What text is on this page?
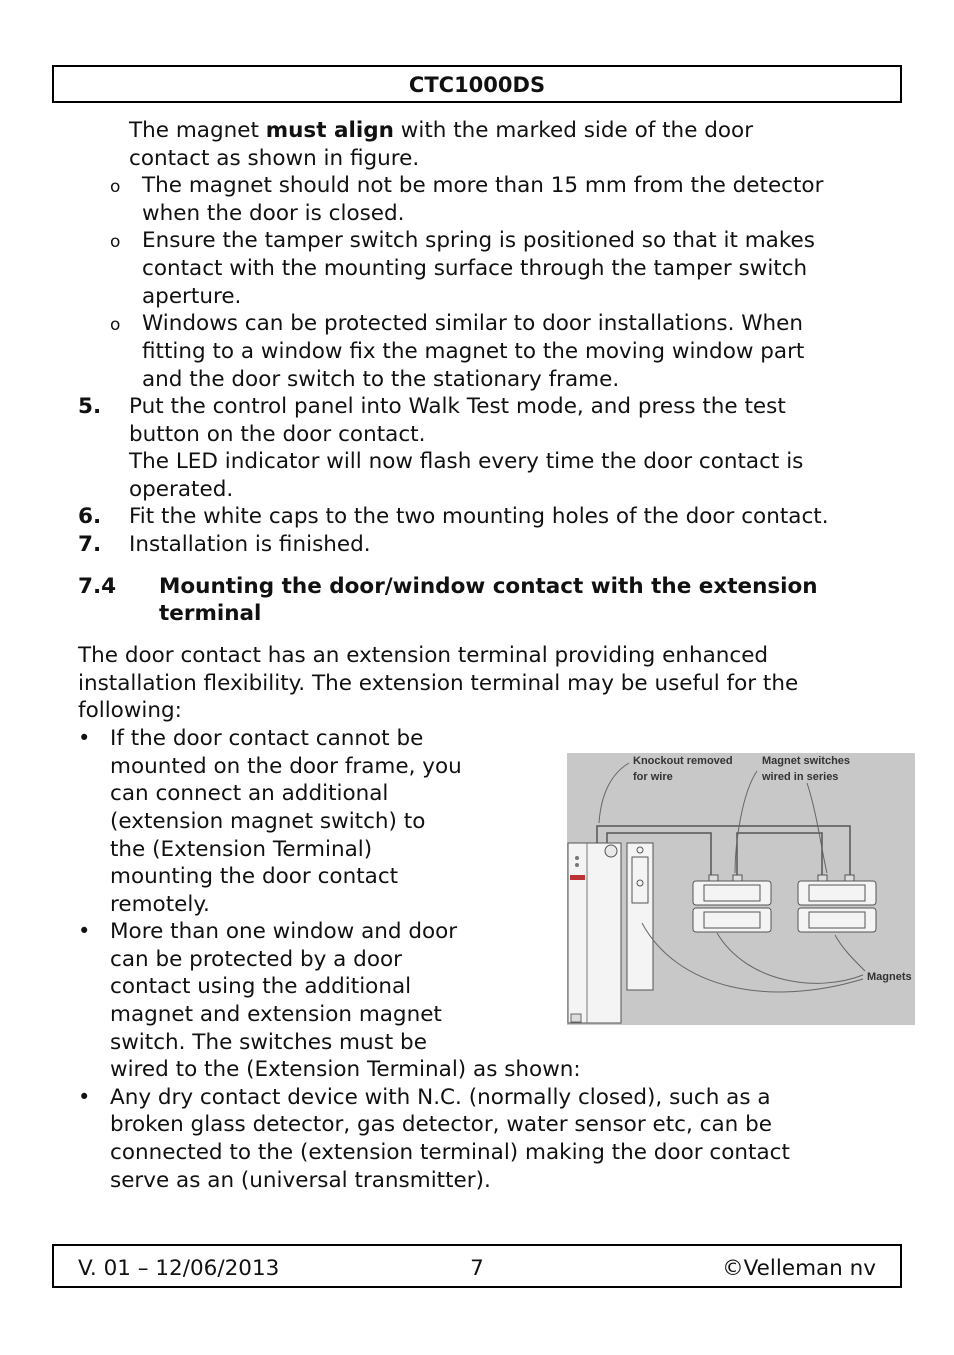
CTC1000DS
The magnet must align with the marked side of the door
contact as shown in figure.
o The magnet should not be more than 15 mm from the detector
when the door is closed.
o Ensure the tamper switch spring is positioned so that it makes
contact with the mounting surface through the tamper switch
aperture.
o Windows can be protected similar to door installations. When
fitting to a window fix the magnet to the moving window part
and the door switch to the stationary frame.
5. Put the control panel into Walk Test mode, and press the test
button on the door contact.
The LED indicator will now flash every time the door contact is
operated.
6. Fit the white caps to the two mounting holes of the door contact.
7. Installation is finished.
7.4 Mounting the door/window contact with the extension
terminal
The door contact has an extension terminal providing enhanced
installation flexibility. The extension terminal may be useful for the
following:
• If the door contact cannot be
mounted on the door frame, you
can connect an additional
(extension magnet switch) to
the (Extension Terminal)
mounting the door contact
remotely.
• More than one window and door
can be protected by a door
contact using the additional
magnet and extension magnet
switch. The switches must be
wired to the (Extension Terminal) as shown:
• Any dry contact device with N.C. (normally closed), such as a
broken glass detector, gas detector, water sensor etc, can be
connected to the (extension terminal) making the door contact
serve as an (universal transmitter).
Knockout removed
for wire
Magnet switches
wired in series
Magnets
V. 01 – 12/06/2013	7	©Velleman nv
